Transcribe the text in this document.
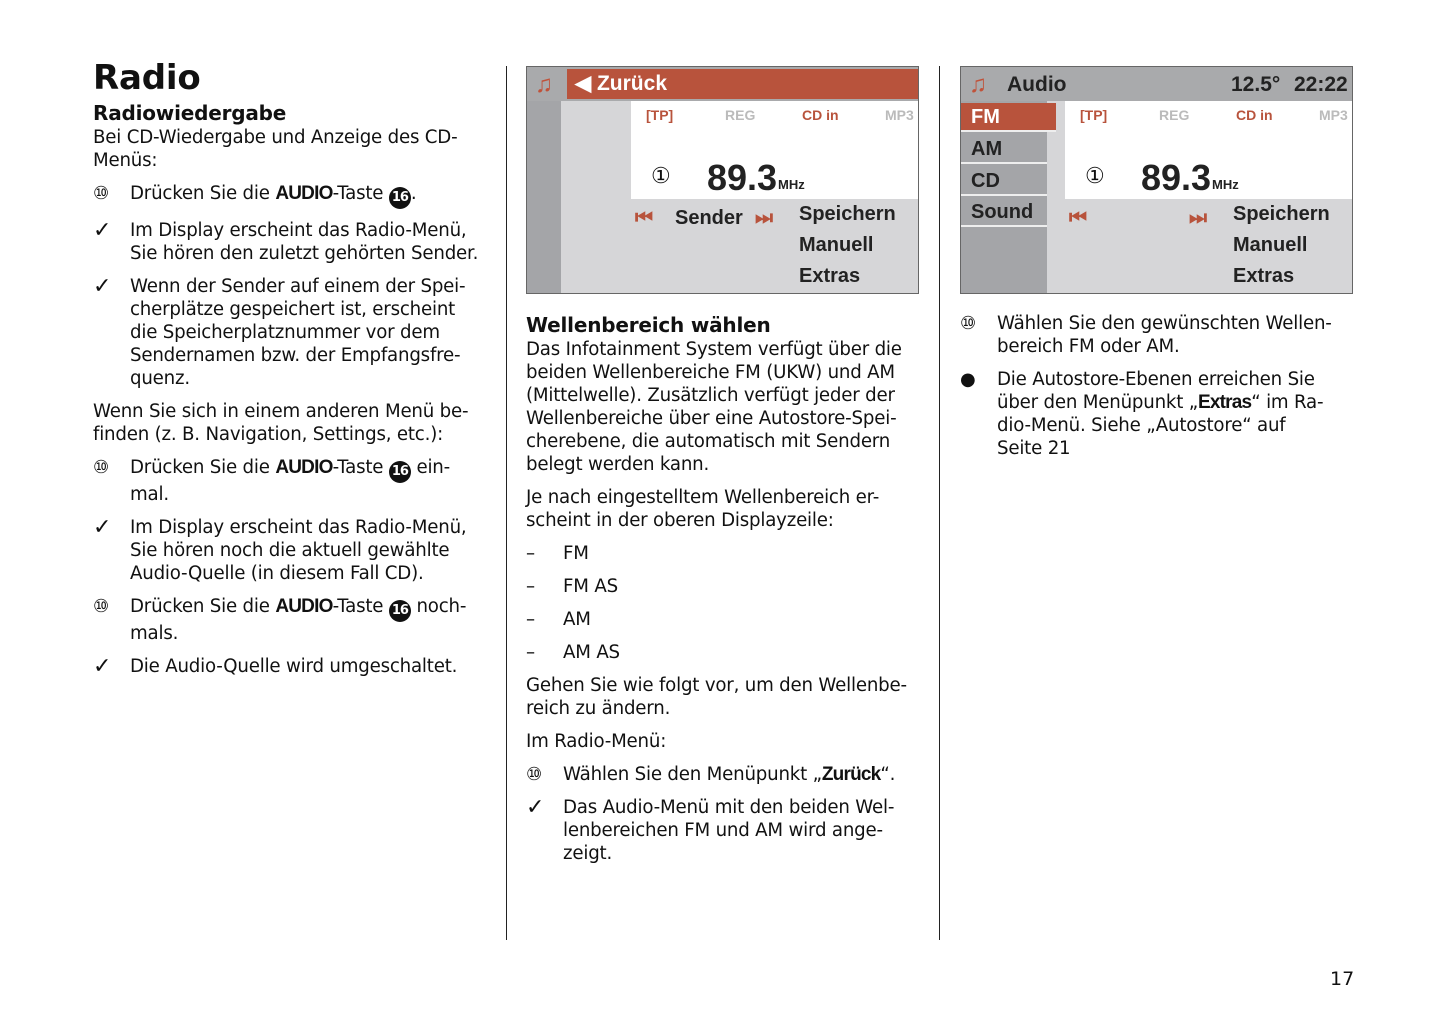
Radio
Radiowiedergabe
Bei CD-Wiedergabe und Anzeige des CD-
Menüs:
⑩	Drücken Sie die AUDIO-Taste 16 .
✓	Im Display erscheint das Radio-Menü,
Sie hören den zuletzt gehörten Sender.
✓	Wenn der Sender auf einem der Spei-
cherplätze gespeichert ist, erscheint
die Speicherplatznummer vor dem
Sendernamen bzw. der Empfangsfre-
quenz.
Wenn Sie sich in einem anderen Menü be-
finden (z. B. Navigation, Settings, etc.):
⑩	Drücken Sie die AUDIO-Taste 16 ein-
mal.
✓	Im Display erscheint das Radio-Menü,
Sie hören noch die aktuell gewählte
Audio-Quelle (in diesem Fall CD).
⑩	Drücken Sie die AUDIO-Taste 16 noch-
mals.
✓	Die Audio-Quelle wird umgeschaltet.
♫	◀ Zurück
[TP]	REG	CD in	MP3
① 89.3 MHz
⏮ Sender ⏭ Speichern
Manuell
Extras
Wellenbereich wählen
Das Infotainment System verfügt über die
beiden Wellenbereiche FM (UKW) und AM
(Mittelwelle). Zusätzlich verfügt jeder der
Wellenbereiche über eine Autostore-Spei-
cherebene, die automatisch mit Sendern
belegt werden kann.
Je nach eingestelltem Wellenbereich er-
scheint in der oberen Displayzeile:
–	FM
–	FM AS
–	AM
–	AM AS
Gehen Sie wie folgt vor, um den Wellenbe-
reich zu ändern.
Im Radio-Menü:
⑩	Wählen Sie den Menüpunkt „Zurück“.
✓	Das Audio-Menü mit den beiden Wel-
lenbereichen FM und AM wird ange-
zeigt.
♫ Audio	12.5° 22:22
FM
AM
CD
Sound
[TP]	REG	CD in	MP3
① 89.3 MHz
⏮	⏭ Speichern
Manuell
Extras
⑩	Wählen Sie den gewünschten Wellen-
bereich FM oder AM.
●	Die Autostore-Ebenen erreichen Sie
über den Menüpunkt „Extras“ im Ra-
dio-Menü. Siehe „Autostore“ auf
Seite 21
17
